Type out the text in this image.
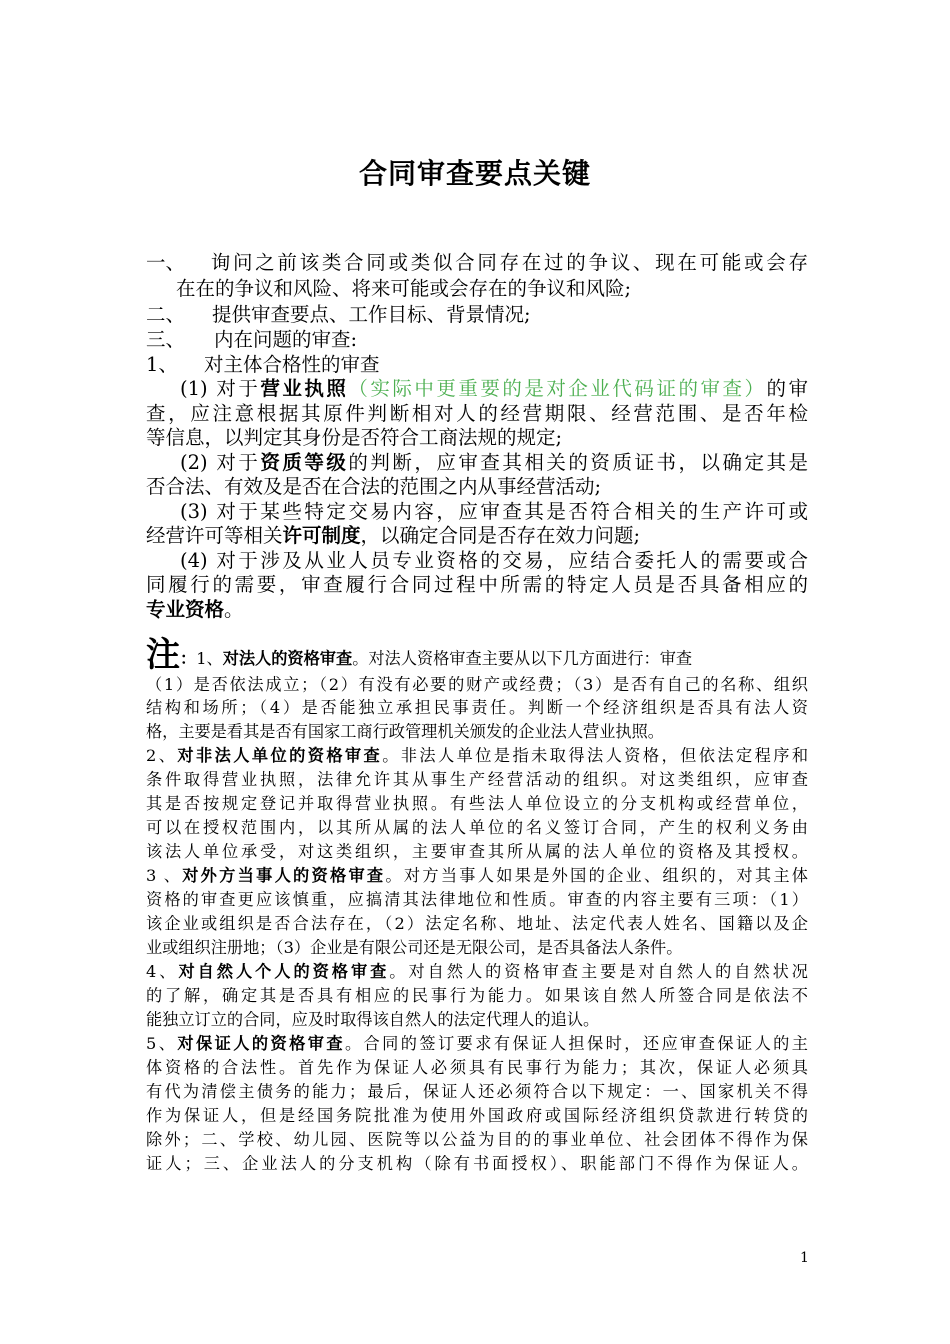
合同审查要点关键
一、 询问之前该类合同或类似合同存在过的争议、现在可能或会存
在在的争议和风险、将来可能或会存在的争议和风险;
二、 提供审查要点、工作目标、背景情况;
三、 内在问题的审查:
1、 对主体合格性的审查
(1) 对于营业执照（实际中更重要的是对企业代码证的审查）的审
查，应注意根据其原件判断相对人的经营期限、经营范围、是否年检
等信息，以判定其身份是否符合工商法规的规定;
(2) 对于资质等级的判断，应审查其相关的资质证书，以确定其是
否合法、有效及是否在合法的范围之内从事经营活动;
(3) 对于某些特定交易内容，应审查其是否符合相关的生产许可或
经营许可等相关许可制度，以确定合同是否存在效力问题;
(4) 对于涉及从业人员专业资格的交易，应结合委托人的需要或合
同履行的需要，审查履行合同过程中所需的特定人员是否具备相应的
专业资格。
注：1、对法人的资格审查。对法人资格审查主要从以下几方面进行：审查
（1）是否依法成立；（2）有没有必要的财产或经费；（3）是否有自己的名称、组织
结构和场所；（4）是否能独立承担民事责任。判断一个经济组织是否具有法人资
格，主要是看其是否有国家工商行政管理机关颁发的企业法人营业执照。
2、对非法人单位的资格审查。非法人单位是指未取得法人资格，但依法定程序和
条件取得营业执照，法律允许其从事生产经营活动的组织。对这类组织，应审查
其是否按规定登记并取得营业执照。有些法人单位设立的分支机构或经营单位，
可以在授权范围内，以其所从属的法人单位的名义签订合同，产生的权利义务由
该法人单位承受，对这类组织，主要审查其所从属的法人单位的资格及其授权。
3 、对外方当事人的资格审查。对方当事人如果是外国的企业、组织的，对其主体
资格的审查更应该慎重，应搞清其法律地位和性质。审查的内容主要有三项：（1）
该企业或组织是否合法存在，（2）法定名称、地址、法定代表人姓名、国籍以及企
业或组织注册地；（3）企业是有限公司还是无限公司，是否具备法人条件。
4、对自然人个人的资格审查。对自然人的资格审查主要是对自然人的自然状况
的了解，确定其是否具有相应的民事行为能力。如果该自然人所签合同是依法不
能独立订立的合同，应及时取得该自然人的法定代理人的追认。
5、对保证人的资格审查。合同的签订要求有保证人担保时，还应审查保证人的主
体资格的合法性。首先作为保证人必须具有民事行为能力；其次，保证人必须具
有代为清偿主债务的能力；最后，保证人还必须符合以下规定：一、国家机关不得
作为保证人，但是经国务院批准为使用外国政府或国际经济组织贷款进行转贷的
除外；二、学校、幼儿园、医院等以公益为目的的事业单位、社会团体不得作为保
证人；三、企业法人的分支机构（除有书面授权）、职能部门不得作为保证人。
1
